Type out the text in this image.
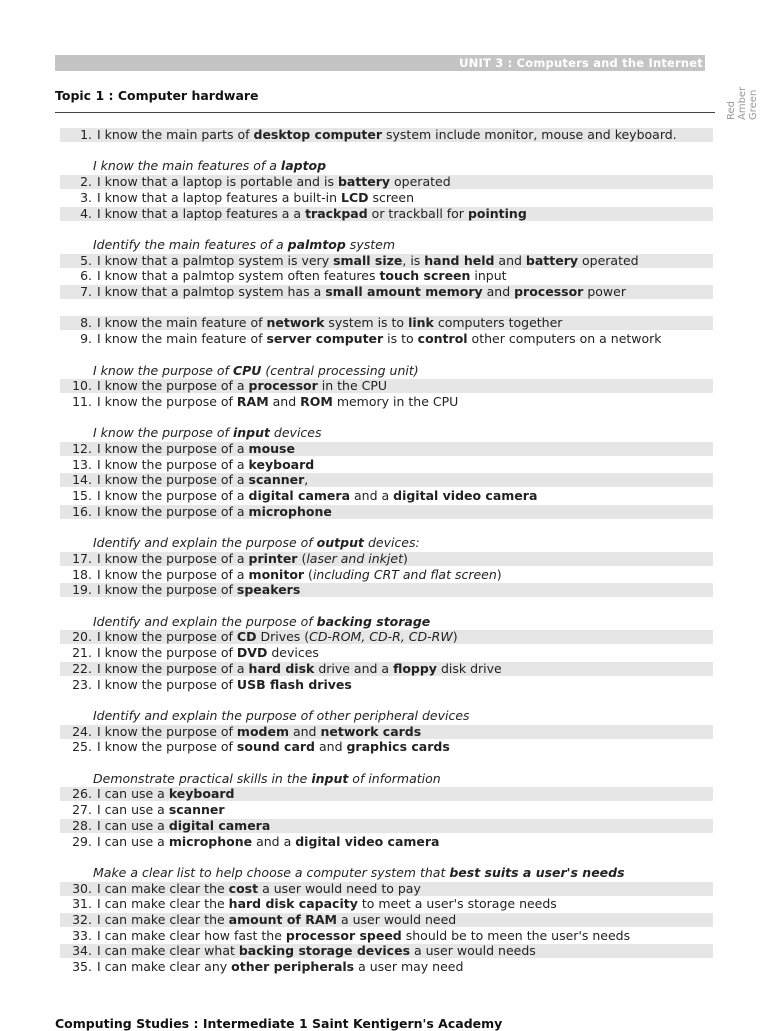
UNIT 3 : Computers and the Internet
Topic 1 : Computer hardware
Red Amber Green
1. I know the main parts of desktop computer system include monitor, mouse and keyboard.
I know the main features of a laptop
2. I know that a laptop is portable and is battery operated
3. I know that a laptop features a built-in LCD screen
4. I know that a laptop features a a trackpad or trackball for pointing
Identify the main features of a palmtop system
5. I know that a palmtop system is very small size, is hand held and battery operated
6. I know that a palmtop system often features touch screen input
7. I know that a palmtop system has a small amount memory and processor power
8. I know the main feature of network system is to link computers together
9. I know the main feature of server computer is to control other computers on a network
I know the purpose of CPU (central processing unit)
10. I know the purpose of a processor in the CPU
11. I know the purpose of RAM and ROM memory in the CPU
I know the purpose of input devices
12. I know the purpose of a mouse
13. I know the purpose of a keyboard
14. I know the purpose of a scanner,
15. I know the purpose of a digital camera and a digital video camera
16. I know the purpose of a microphone
Identify and explain the purpose of output devices:
17. I know the purpose of a printer (laser and inkjet)
18. I know the purpose of a monitor (including CRT and flat screen)
19. I know the purpose of speakers
Identify and explain the purpose of backing storage
20. I know the purpose of CD Drives (CD-ROM, CD-R, CD-RW)
21. I know the purpose of DVD devices
22. I know the purpose of a hard disk drive and a floppy disk drive
23. I know the purpose of USB flash drives
Identify and explain the purpose of other peripheral devices
24. I know the purpose of modem and network cards
25. I know the purpose of sound card and graphics cards
Demonstrate practical skills in the input of information
26. I can use a keyboard
27. I can use a scanner
28. I can use a digital camera
29. I can use a microphone and a digital video camera
Make a clear list to help choose a computer system that best suits a user's needs
30. I can make clear the cost a user would need to pay
31. I can make clear the hard disk capacity to meet a user's storage needs
32. I can make clear the amount of RAM a user would need
33. I can make clear how fast the processor speed should be to meen the user's needs
34. I can make clear what backing storage devices a user would needs
35. I can make clear any other peripherals a user may need
Computing Studies : Intermediate 1 Saint Kentigern's Academy
